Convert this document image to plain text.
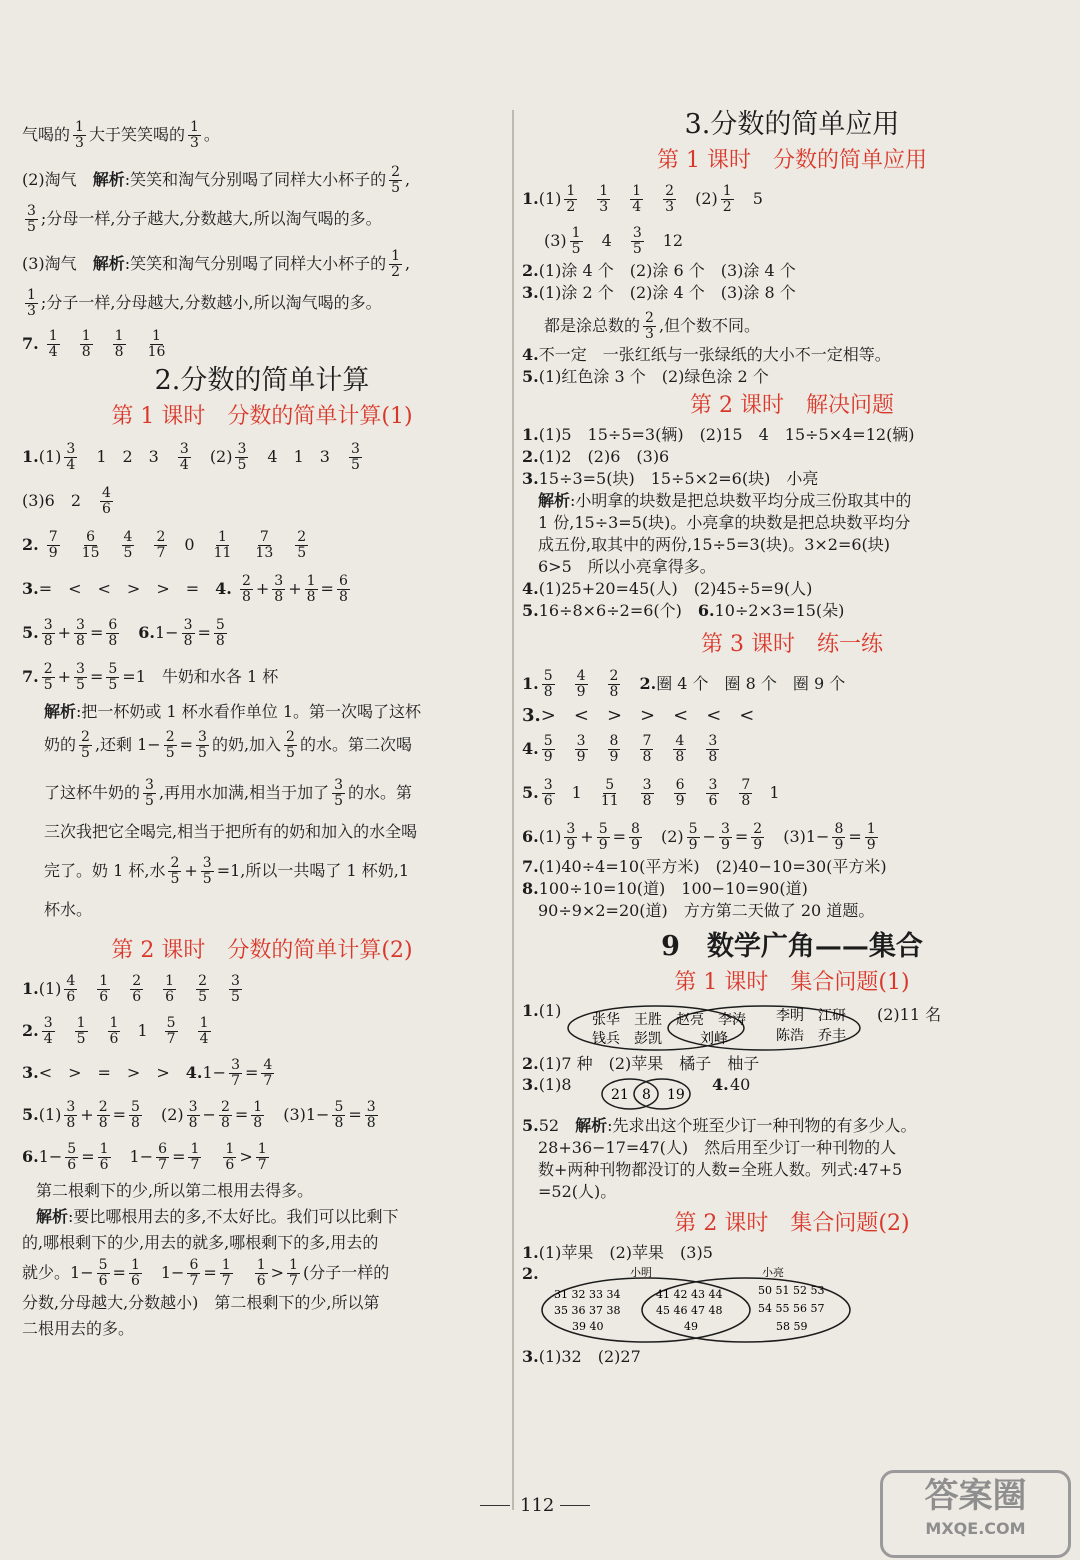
气喝的 $\frac{1}{3}$ 大于笑笑喝的 $\frac{1}{3}$ 。

(2)淘气　 解析:笑笑和淘气分别喝了同样大小杯子的 $\frac{2}{5}$ ,

$\frac{3}{5}$ ;分母一样,分子越大,分数越大,所以淘气喝的多。

(3)淘气　 解析:笑笑和淘气分别喝了同样大小杯子的 $\frac{1}{2}$ ,

$\frac{1}{3}$ ;分子一样,分母越大,分数越小,所以淘气喝的多。

7. $\frac{1}{4} \frac{1}{8} \frac{1}{8} \frac{1}{16}$

2.分数的简单计算
第 1 课时　分数的简单计算(1)

$1.(1) \frac{3}{4}$
　 1　2　3　 $\frac{3}{4}$
　 $(2) \frac{3}{5}$
　 4　1　3　 $\frac{3}{5}$

(3)6　2　 $\frac{4}{6}$

2. $\frac{7}{9} \frac{6}{15} \frac{4}{5} \frac{2}{7} 0 \frac{1}{11} \frac{7}{13} \frac{2}{5}$

3.=　<　<　>　>　=　 4. $\frac{2}{8} + \frac{3}{8} + \frac{1}{8} = \frac{6}{8}$

5. $\frac{3}{8} + \frac{3}{8} = \frac{6}{8}$
　 $6.1- \frac{3}{8} = \frac{5}{8}$

7. $\frac{2}{5} + \frac{3}{5} = \frac{5}{5} =1$　牛奶和水各 1 杯

解析:把一杯奶或 1 杯水看作单位 1。第一次喝了这杯

奶的 $\frac{2}{5}$ ,还剩 $1- \frac{2}{5} = \frac{3}{5}$ 的奶,加入 $\frac{2}{5}$ 的水。第二次喝

了这杯牛奶的 $\frac{3}{5}$ ,再用水加满,相当于加了 $\frac{3}{5}$ 的水。第

三次我把它全喝完,相当于把所有的奶和加入的水全喝

完了。奶 1 杯,水 $\frac{2}{5} + \frac{3}{5} =1$,所以一共喝了 1 杯奶,1

杯水。

第 2 课时　分数的简单计算(2)

$1.(1) \frac{4}{6} \frac{1}{6} \frac{2}{6} \frac{1}{6} \frac{2}{5} \frac{3}{5}$

2. $\frac{3}{4} \frac{1}{5} \frac{1}{6} 1 \frac{5}{7} \frac{1}{4}$

3.<　>　=　>　>　 $4.1- \frac{3}{7} = \frac{4}{7}$

$5.(1) \frac{3}{8} + \frac{2}{8} = \frac{5}{8}$ 　$(2) \frac{3}{8} - \frac{2}{8} = \frac{1}{8}$ 　$(3)1- \frac{5}{8} = \frac{3}{8}$

$6.1- \frac{5}{6} = \frac{1}{6}$ 　$1- \frac{6}{7} = \frac{1}{7}$
　 $\frac{1}{6} > \frac{1}{7}$

第二根剩下的少,所以第二根用去得多。

解析:要比哪根用去的多,不太好比。我们可以比剩下

的,哪根剩下的少,用去的就多,哪根剩下的多,用去的

就少。$1- \frac{5}{6} = \frac{1}{6}$ 　$1- \frac{6}{7} = \frac{1}{7}$
　 $\frac{1}{6} > \frac{1}{7}$ (分子一样的

分数,分母越大,分数越小)　第二根剩下的少,所以第

二根用去的多。

3.分数的简单应用
第 1 课时　分数的简单应用

$1.(1) \frac{1}{2} \frac{1}{3} \frac{1}{4} \frac{2}{3}$
　 $(2) \frac{1}{2}$
　 5

$(3) \frac{1}{5}$
　 4　 $\frac{3}{5}$
　 12

2.(1)涂 4 个　(2)涂 6 个　(3)涂 4 个

3.(1)涂 2 个　(2)涂 4 个　(3)涂 8 个

都是涂总数的 $\frac{2}{3}$ ,但个数不同。

4.不一定　一张红纸与一张绿纸的大小不一定相等。

5.(1)红色涂 3 个　(2)绿色涂 2 个

第 2 课时　解决问题

1.(1)5　15÷5=3(辆)　(2)15　4　15÷5×4=12(辆)

2.(1)2　(2)6　(3)6

3.15÷3=5(块)　15÷5×2=6(块)　小亮

解析:小明拿的块数是把总块数平均分成三份取其中的

1 份,15÷3=5(块)。小亮拿的块数是把总块数平均分

成五份,取其中的两份,15÷5=3(块)。3×2=6(块)

6>5　所以小亮拿得多。

4.(1)25+20=45(人)　(2)45÷5=9(人)

5.16÷8×6÷2=6(个)　 6.10÷2×3=15(朵)

第 3 课时　练一练

1. $\frac{5}{8} \frac{4}{9} \frac{2}{8}$
　 2.圈 4 个　圈 8 个　圈 9 个

3.>　<　>　>　<　<　<

4. $\frac{5}{9} \frac{3}{9} \frac{8}{9} \frac{7}{8} \frac{4}{8} \frac{3}{8}$

5. $\frac{3}{6} 1 \frac{5}{11} \frac{3}{8} \frac{6}{9} \frac{3}{6} \frac{7}{8} 1$

$6.(1) \frac{3}{9} + \frac{5}{9} = \frac{8}{9}$ 　$(2) \frac{5}{9} - \frac{3}{9} = \frac{2}{9}$ 　$(3)1- \frac{8}{9} = \frac{1}{9}$

7.(1)40÷4=10(平方米)　(2)40−10=30(平方米)

8.100÷10=10(道)　100−10=90(道)

90÷9×2=20(道)　方方第二天做了 20 道题。

9　数学广角——集合
第 1 课时　集合问题(1)
1.(1) 张华　王胜
钱兵　彭凯
赵亮　李涛
刘峰
李明　江研
陈浩　乔丰
(2)11 名

2.(1)7 种　(2)苹果　橘子　柚子

3.(1)8
21 8 19
4. 40

5.52　 解析:先求出这个班至少订一种刊物的有多少人。

28+36−17=47(人)　然后用至少订一种刊物的人

数+两种刊物都没订的人数=全班人数。列式:47+5

=52(人)。

第 2 课时　集合问题(2)

1.(1)苹果　(2)苹果　(3)5

2.	小明	小亮
31 32 33 34
35 36 37 38
39 40
41 42 43 44
45 46 47 48
49
50 51 52 53
54 55 56 57
58 59

3.(1)32　(2)27

112	答案圈
MXQE.COM
